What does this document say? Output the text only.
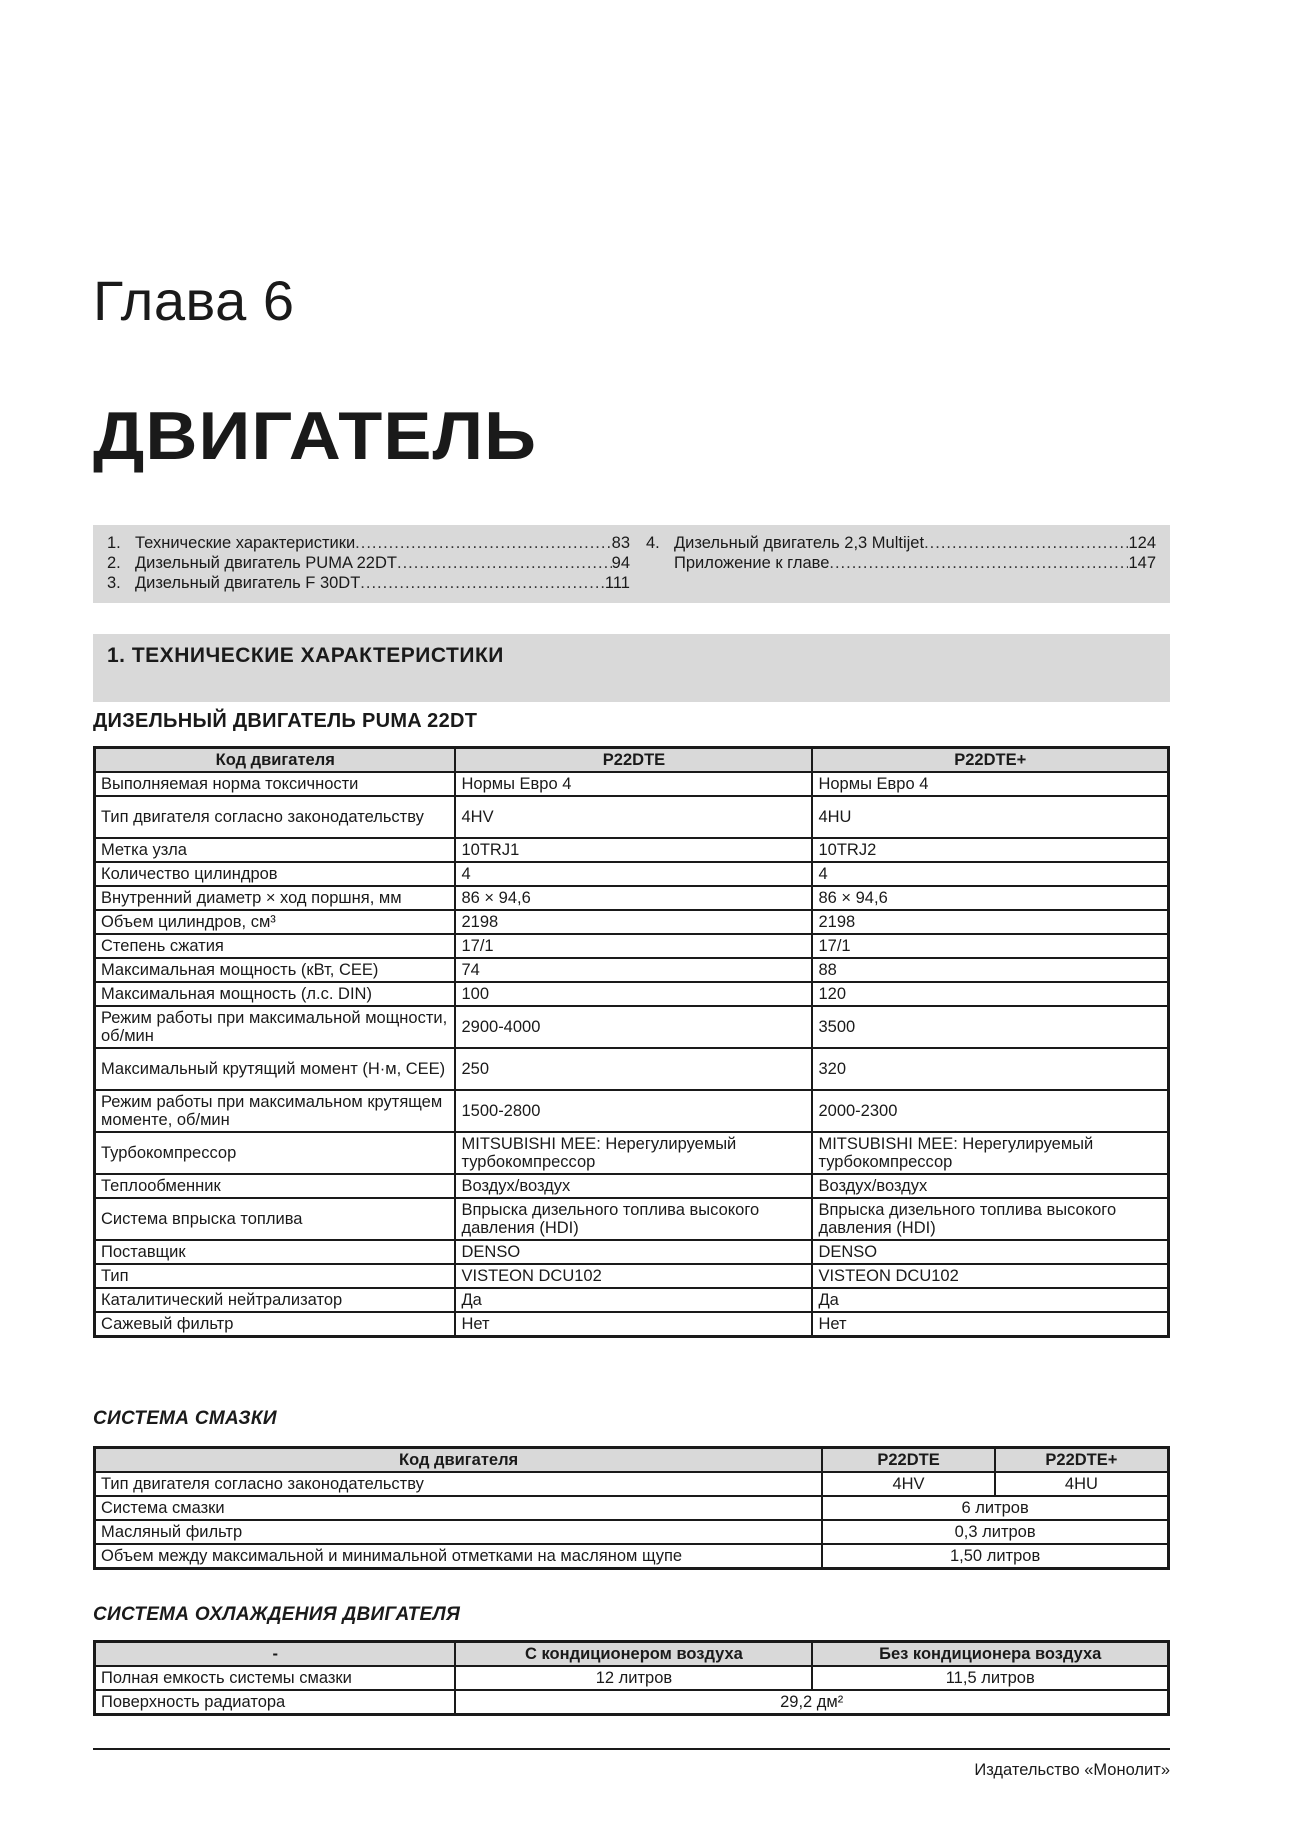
Глава 6
ДВИГАТЕЛЬ
1. Технические характеристики .....	83
2. Дизельный двигатель PUMA 22DT .....	94
3. Дизельный двигатель F 30DT .....	111
4. Дизельный двигатель 2,3 Multijet .....	124
Приложение к главе .....	147
1. ТЕХНИЧЕСКИЕ ХАРАКТЕРИСТИКИ
ДИЗЕЛЬНЫЙ ДВИГАТЕЛЬ PUMA 22DT
Код двигателя	P22DTE	P22DTE+
Выполняемая норма токсичности	Нормы Евро 4	Нормы Евро 4
Тип двигателя согласно законодательству	4HV	4HU
Метка узла	10TRJ1	10TRJ2
Количество цилиндров	4	4
Внутренний диаметр × ход поршня, мм	86 × 94,6	86 × 94,6
Объем цилиндров, см³	2198	2198
Степень сжатия	17/1	17/1
Максимальная мощность (кВт, CEE)	74	88
Максимальная мощность (л.с. DIN)	100	120
Режим работы при максимальной мощности, об/мин	2900-4000	3500
Максимальный крутящий момент (Н·м, CEE)	250	320
Режим работы при максимальном крутящем моменте, об/мин	1500-2800	2000-2300
Турбокомпрессор	MITSUBISHI MEE: Нерегулируемый турбокомпрессор	MITSUBISHI MEE: Нерегулируемый турбокомпрессор
Теплообменник	Воздух/воздух	Воздух/воздух
Система впрыска топлива	Впрыска дизельного топлива высокого давления (HDI)	Впрыска дизельного топлива высокого давления (HDI)
Поставщик	DENSO	DENSO
Тип	VISTEON DCU102	VISTEON DCU102
Каталитический нейтрализатор	Да	Да
Сажевый фильтр	Нет	Нет
СИСТЕМА СМАЗКИ
Код двигателя	P22DTE	P22DTE+
Тип двигателя согласно законодательству	4HV	4HU
Система смазки	6 литров	
Масляный фильтр	0,3 литров	
Объем между максимальной и минимальной отметками на масляном щупе	1,50 литров	
СИСТЕМА ОХЛАЖДЕНИЯ ДВИГАТЕЛЯ
-	С кондиционером воздуха	Без кондиционера воздуха
Полная емкость системы смазки	12 литров	11,5 литров
Поверхность радиатора	29,2 дм²	
Издательство «Монолит»
